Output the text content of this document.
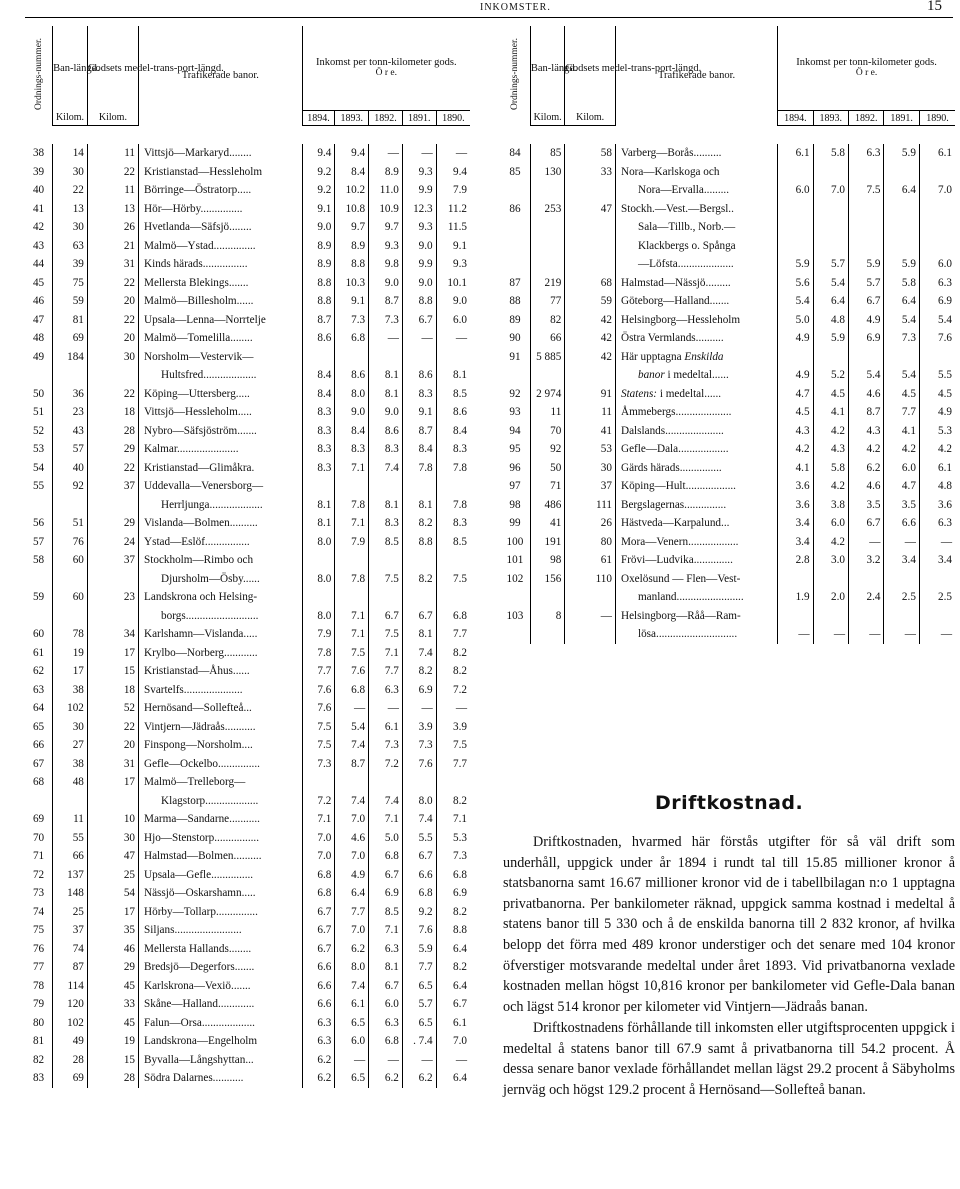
INKOMSTER.	15
Ordnings-nummer.	Ban-längd.	Godsets medel-trans-port-längd.	Trafikerade banor.	Inkomst per tonn-kilometer gods.
Ö r e.				

	Kilom.	Kilom.		1894.	1893.	1892.	1891.	1890.

38	14	11	Vittsjö—Markaryd........	9.4	9.4	—	—	—
39	30	22	Kristianstad—Hessleholm	9.2	8.4	8.9	9.3	9.4
40	22	11	Börringe—Östratorp.....	9.2	10.2	11.0	9.9	7.9
41	13	13	Hör—Hörby...............	9.1	10.8	10.9	12.3	11.2
42	30	26	Hvetlanda—Säfsjö........	9.0	9.7	9.7	9.3	11.5
43	63	21	Malmö—Ystad...............	8.9	8.9	9.3	9.0	9.1
44	39	31	Kinds härads................	8.9	8.8	9.8	9.9	9.3
45	75	22	Mellersta Blekings.......	8.8	10.3	9.0	9.0	10.1
46	59	20	Malmö—Billesholm......	8.8	9.1	8.7	8.8	9.0
47	81	22	Upsala—Lenna—Norrtelje	8.7	7.3	7.3	6.7	6.0
48	69	20	Malmö—Tomelilla........	8.6	6.8	—	—	—
49	184	30	Norsholm—Vestervik—					
			Hultsfred...................	8.4	8.6	8.1	8.6	8.1
50	36	22	Köping—Uttersberg.....	8.4	8.0	8.1	8.3	8.5
51	23	18	Vittsjö—Hessleholm.....	8.3	9.0	9.0	9.1	8.6
52	43	28	Nybro—Säfsjöström.......	8.3	8.4	8.6	8.7	8.4
53	57	29	Kalmar......................	8.3	8.3	8.3	8.4	8.3
54	40	22	Kristianstad—Glimåkra.	8.3	7.1	7.4	7.8	7.8
55	92	37	Uddevalla—Venersborg—					
			Herrljunga...................	8.1	7.8	8.1	8.1	7.8
56	51	29	Vislanda—Bolmen..........	8.1	7.1	8.3	8.2	8.3
57	76	24	Ystad—Eslöf................	8.0	7.9	8.5	8.8	8.5
58	60	37	Stockholm—Rimbo och					
			Djursholm—Ösby......	8.0	7.8	7.5	8.2	7.5
59	60	23	Landskrona och Helsing-					
			borgs..........................	8.0	7.1	6.7	6.7	6.8
60	78	34	Karlshamn—Vislanda.....	7.9	7.1	7.5	8.1	7.7
61	19	17	Krylbo—Norberg............	7.8	7.5	7.1	7.4	8.2
62	17	15	Kristianstad—Åhus......	7.7	7.6	7.7	8.2	8.2
63	38	18	Svartelfs.....................	7.6	6.8	6.3	6.9	7.2
64	102	52	Hernösand—Sollefteå...	7.6	—	—	—	—
65	30	22	Vintjern—Jädraås...........	7.5	5.4	6.1	3.9	3.9
66	27	20	Finspong—Norsholm....	7.5	7.4	7.3	7.3	7.5
67	38	31	Gefle—Ockelbo...............	7.3	8.7	7.2	7.6	7.7
68	48	17	Malmö—Trelleborg—					
			Klagstorp...................	7.2	7.4	7.4	8.0	8.2
69	11	10	Marma—Sandarne...........	7.1	7.0	7.1	7.4	7.1
70	55	30	Hjo—Stenstorp................	7.0	4.6	5.0	5.5	5.3
71	66	47	Halmstad—Bolmen..........	7.0	7.0	6.8	6.7	7.3
72	137	25	Upsala—Gefle...............	6.8	4.9	6.7	6.6	6.8
73	148	54	Nässjö—Oskarshamn.....	6.8	6.4	6.9	6.8	6.9
74	25	17	Hörby—Tollarp...............	6.7	7.7	8.5	9.2	8.2
75	37	35	Siljans........................	6.7	7.0	7.1	7.6	8.8
76	74	46	Mellersta Hallands........	6.7	6.2	6.3	5.9	6.4
77	87	29	Bredsjö—Degerfors.......	6.6	8.0	8.1	7.7	8.2
78	114	45	Karlskrona—Vexiö.......	6.6	7.4	6.7	6.5	6.4
79	120	33	Skåne—Halland.............	6.6	6.1	6.0	5.7	6.7
80	102	45	Falun—Orsa...................	6.3	6.5	6.3	6.5	6.1
81	49	19	Landskrona—Engelholm	6.3	6.0	6.8	. 7.4	7.0
82	28	15	Byvalla—Långshyttan...	6.2	—	—	—	—
83	69	28	Södra Dalarnes...........	6.2	6.5	6.2	6.2	6.4
Ordnings-nummer.	Ban-längd.	Godsets medel-trans-port-längd.	Trafikerade banor.	Inkomst per tonn-kilometer gods.
Ö r e.				

	Kilom.	Kilom.		1894.	1893.	1892.	1891.	1890.

84	85	58	Varberg—Borås..........	6.1	5.8	6.3	5.9	6.1
85	130	33	Nora—Karlskoga och					
			Nora—Ervalla.........	6.0	7.0	7.5	6.4	7.0
86	253	47	Stockh.—Vest.—Bergsl..					
			Sala—Tillb., Norb.—					
			Klackbergs o. Spånga					
			—Löfsta....................	5.9	5.7	5.9	5.9	6.0
87	219	68	Halmstad—Nässjö.........	5.6	5.4	5.7	5.8	6.3
88	77	59	Göteborg—Halland.......	5.4	6.4	6.7	6.4	6.9
89	82	42	Helsingborg—Hessleholm	5.0	4.8	4.9	5.4	5.4
90	66	42	Östra Vermlands..........	4.9	5.9	6.9	7.3	7.6
91	5 885	42	Här upptagna Enskilda					
			banor i medeltal......	4.9	5.2	5.4	5.4	5.5
92	2 974	91	Statens: i medeltal......	4.7	4.5	4.6	4.5	4.5
93	11	11	Åmmebergs....................	4.5	4.1	8.7	7.7	4.9
94	70	41	Dalslands.....................	4.3	4.2	4.3	4.1	5.3
95	92	53	Gefle—Dala..................	4.2	4.3	4.2	4.2	4.2
96	50	30	Gärds härads...............	4.1	5.8	6.2	6.0	6.1
97	71	37	Köping—Hult..................	3.6	4.2	4.6	4.7	4.8
98	486	111	Bergslagernas...............	3.6	3.8	3.5	3.5	3.6
99	41	26	Hästveda—Karpalund...	3.4	6.0	6.7	6.6	6.3
100	191	80	Mora—Venern..................	3.4	4.2	—	—	—
101	98	61	Frövi—Ludvika..............	2.8	3.0	3.2	3.4	3.4
102	156	110	Oxelösund — Flen—Vest-					
			manland........................	1.9	2.0	2.4	2.5	2.5
103	8	—	Helsingborg—Råå—Ram-					
			lösa.............................	—	—	—	—	—
Driftkostnad.
Driftkostnaden, hvarmed här förstås utgifter för så väl drift som underhåll, uppgick under år 1894 i rundt tal till 15.85 millioner kronor å statsbanorna samt 16.67 millioner kronor vid de i tabellbilagan n:o 1 upptagna privatbanorna. Per bankilometer räknad, uppgick samma kostnad i medeltal å statens banor till 5 330 och å de enskilda banorna till 2 832 kronor, af hvilka belopp det förra med 489 kronor understiger och det senare med 104 kronor öfverstiger motsvarande medeltal under året 1893. Vid privatbanorna vexlade kostnaden mellan högst 10,816 kronor per bankilometer vid Gefle-Dala banan och lägst 514 kronor per kilometer vid Vintjern—Jädraås banan.
Driftkostnadens förhållande till inkomsten eller utgiftsprocenten uppgick i medeltal å statens banor till 67.9 samt å privatbanorna till 54.2 procent. Å dessa senare banor vexlade förhållandet mellan lägst 29.2 procent å Säbyholms jernväg och högst 129.2 procent å Hernösand—Sollefteå banan.
